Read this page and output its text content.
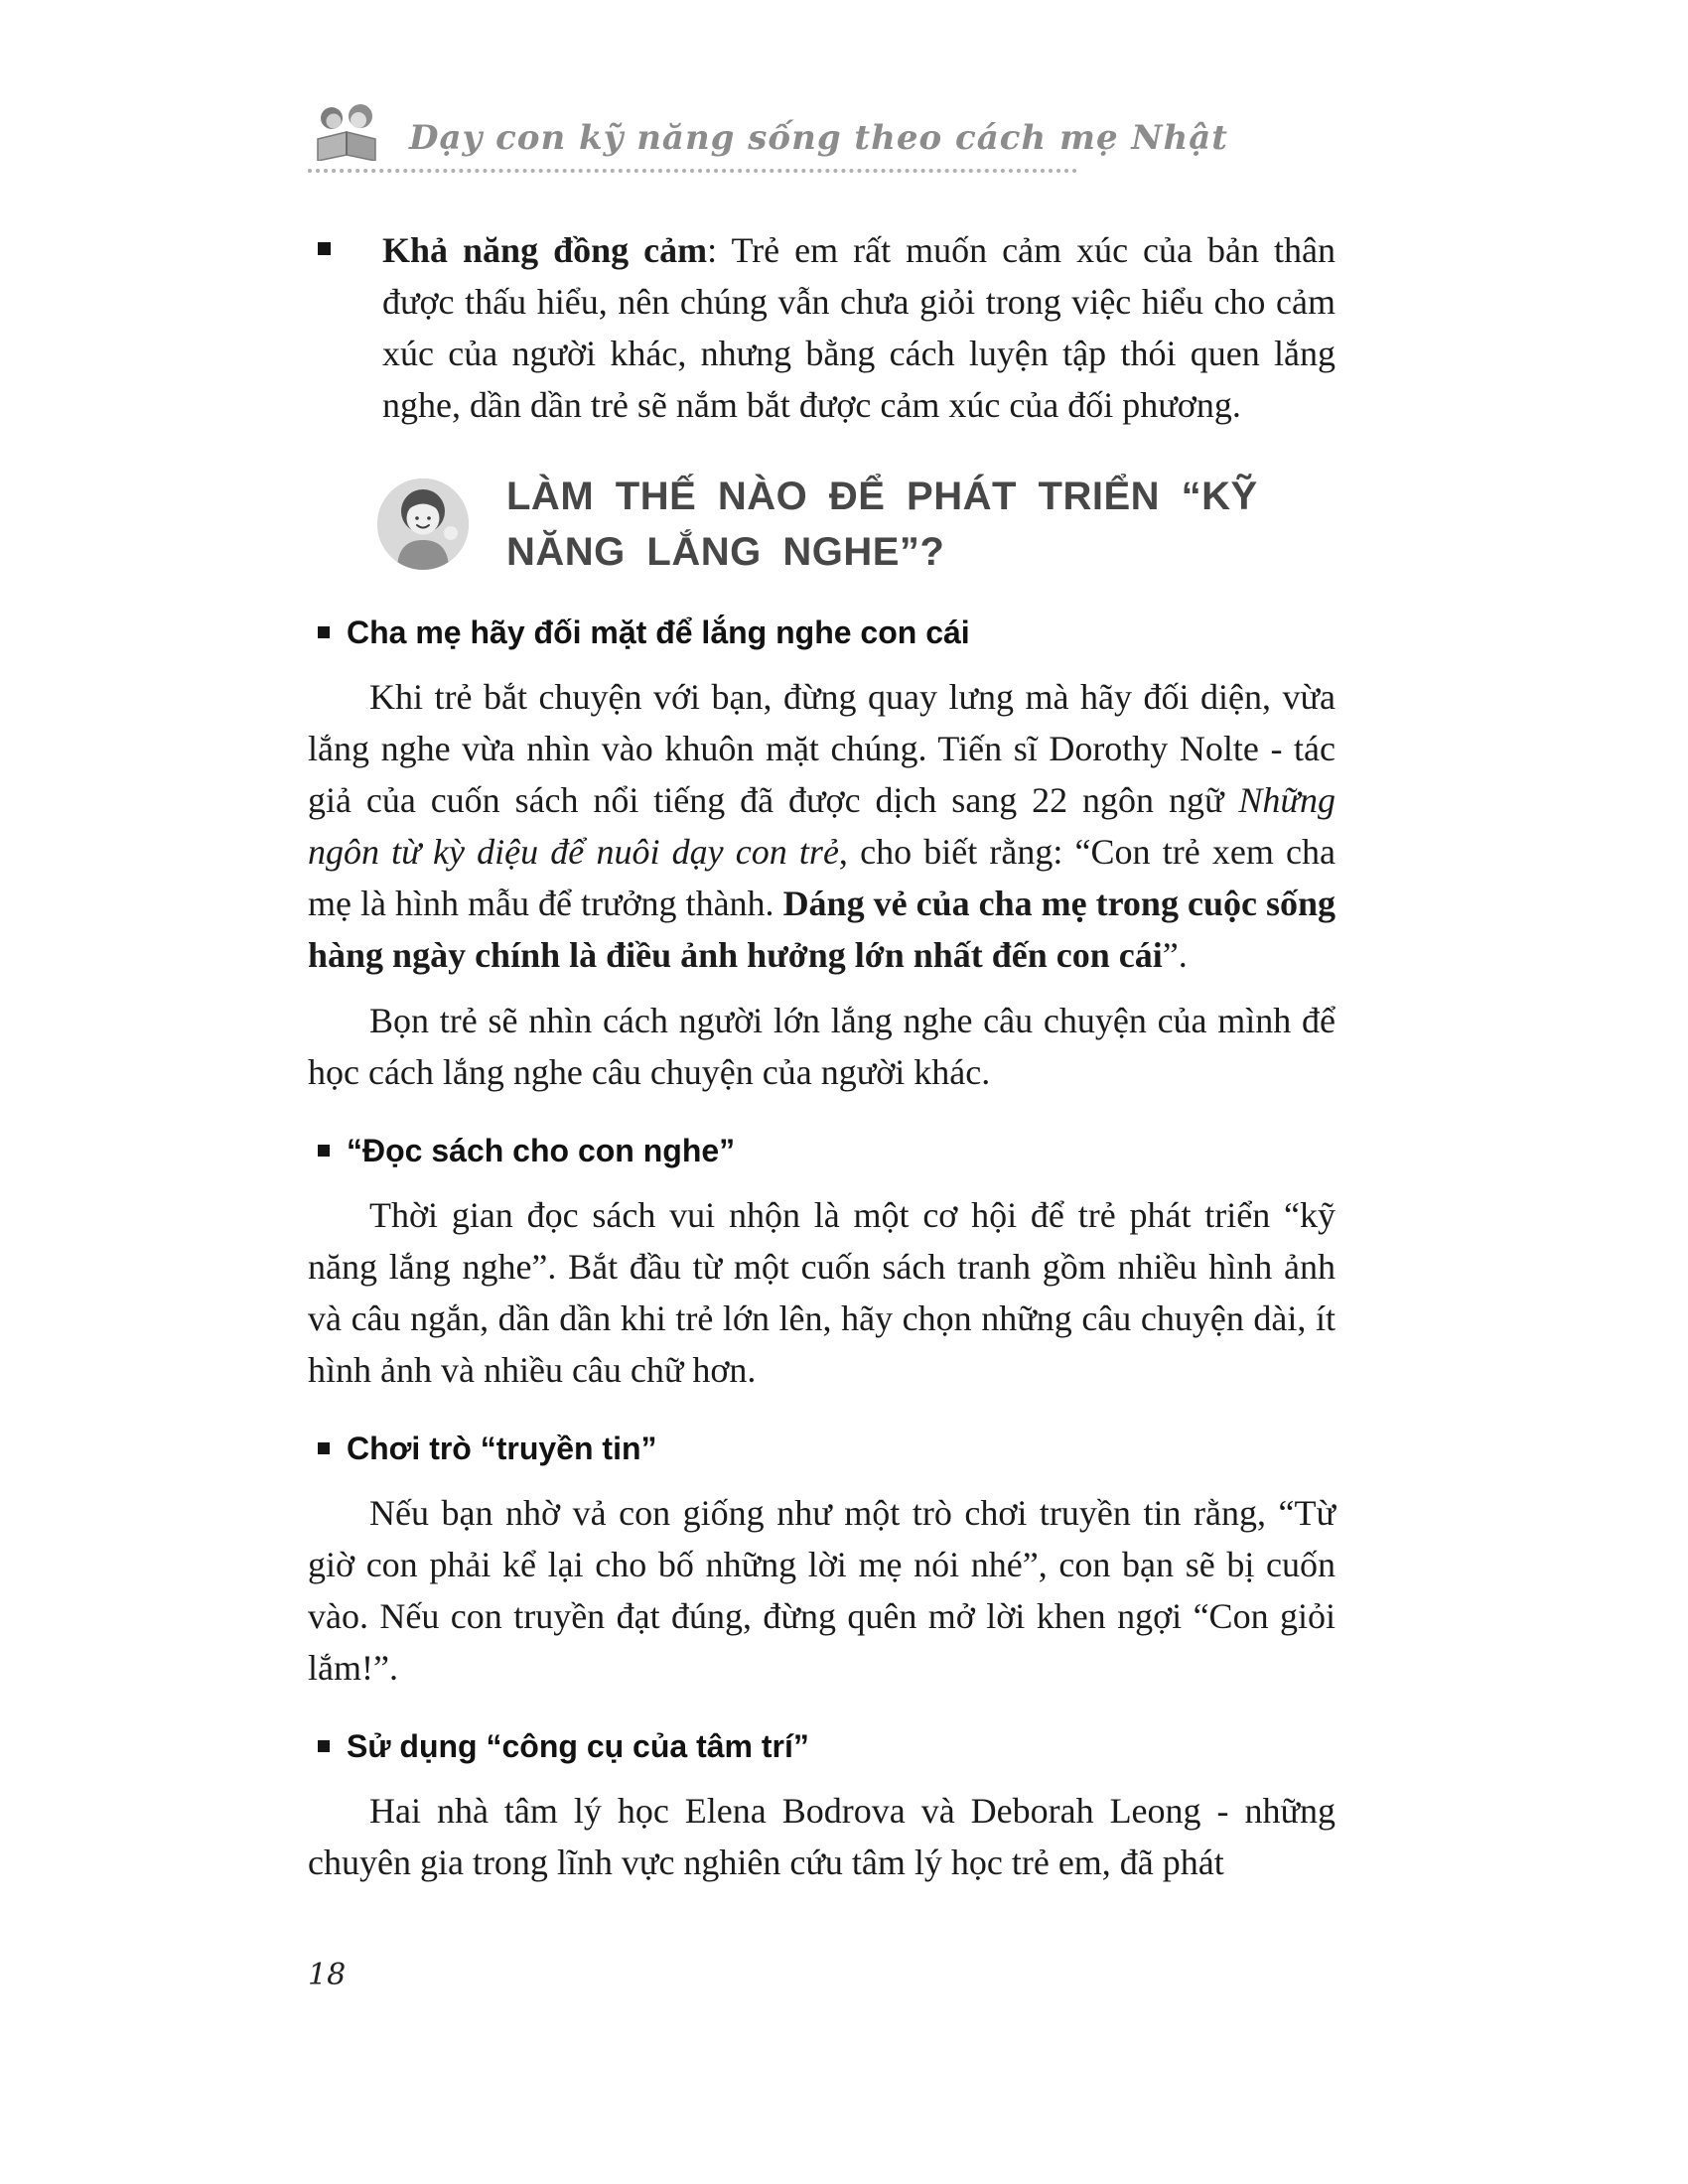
Dạy con kỹ năng sống theo cách mẹ Nhật

Khả năng đồng cảm: Trẻ em rất muốn cảm xúc của bản thân được thấu hiểu, nên chúng vẫn chưa giỏi trong việc hiểu cho cảm xúc của người khác, nhưng bằng cách luyện tập thói quen lắng nghe, dần dần trẻ sẽ nắm bắt được cảm xúc của đối phương.

LÀM THẾ NÀO ĐỂ PHÁT TRIỂN “KỸ NĂNG LẮNG NGHE”?
Cha mẹ hãy đối mặt để lắng nghe con cái

Khi trẻ bắt chuyện với bạn, đừng quay lưng mà hãy đối diện, vừa lắng nghe vừa nhìn vào khuôn mặt chúng. Tiến sĩ Dorothy Nolte - tác giả của cuốn sách nổi tiếng đã được dịch sang 22 ngôn ngữ Những ngôn từ kỳ diệu để nuôi dạy con trẻ, cho biết rằng: “Con trẻ xem cha mẹ là hình mẫu để trưởng thành. Dáng vẻ của cha mẹ trong cuộc sống hàng ngày chính là điều ảnh hưởng lớn nhất đến con cái”.

Bọn trẻ sẽ nhìn cách người lớn lắng nghe câu chuyện của mình để học cách lắng nghe câu chuyện của người khác.

“Đọc sách cho con nghe”

Thời gian đọc sách vui nhộn là một cơ hội để trẻ phát triển “kỹ năng lắng nghe”. Bắt đầu từ một cuốn sách tranh gồm nhiều hình ảnh và câu ngắn, dần dần khi trẻ lớn lên, hãy chọn những câu chuyện dài, ít hình ảnh và nhiều câu chữ hơn.

Chơi trò “truyền tin”

Nếu bạn nhờ vả con giống như một trò chơi truyền tin rằng, “Từ giờ con phải kể lại cho bố những lời mẹ nói nhé”, con bạn sẽ bị cuốn vào. Nếu con truyền đạt đúng, đừng quên mở lời khen ngợi “Con giỏi lắm!”.

Sử dụng “công cụ của tâm trí”

Hai nhà tâm lý học Elena Bodrova và Deborah Leong - những chuyên gia trong lĩnh vực nghiên cứu tâm lý học trẻ em, đã phát

18
